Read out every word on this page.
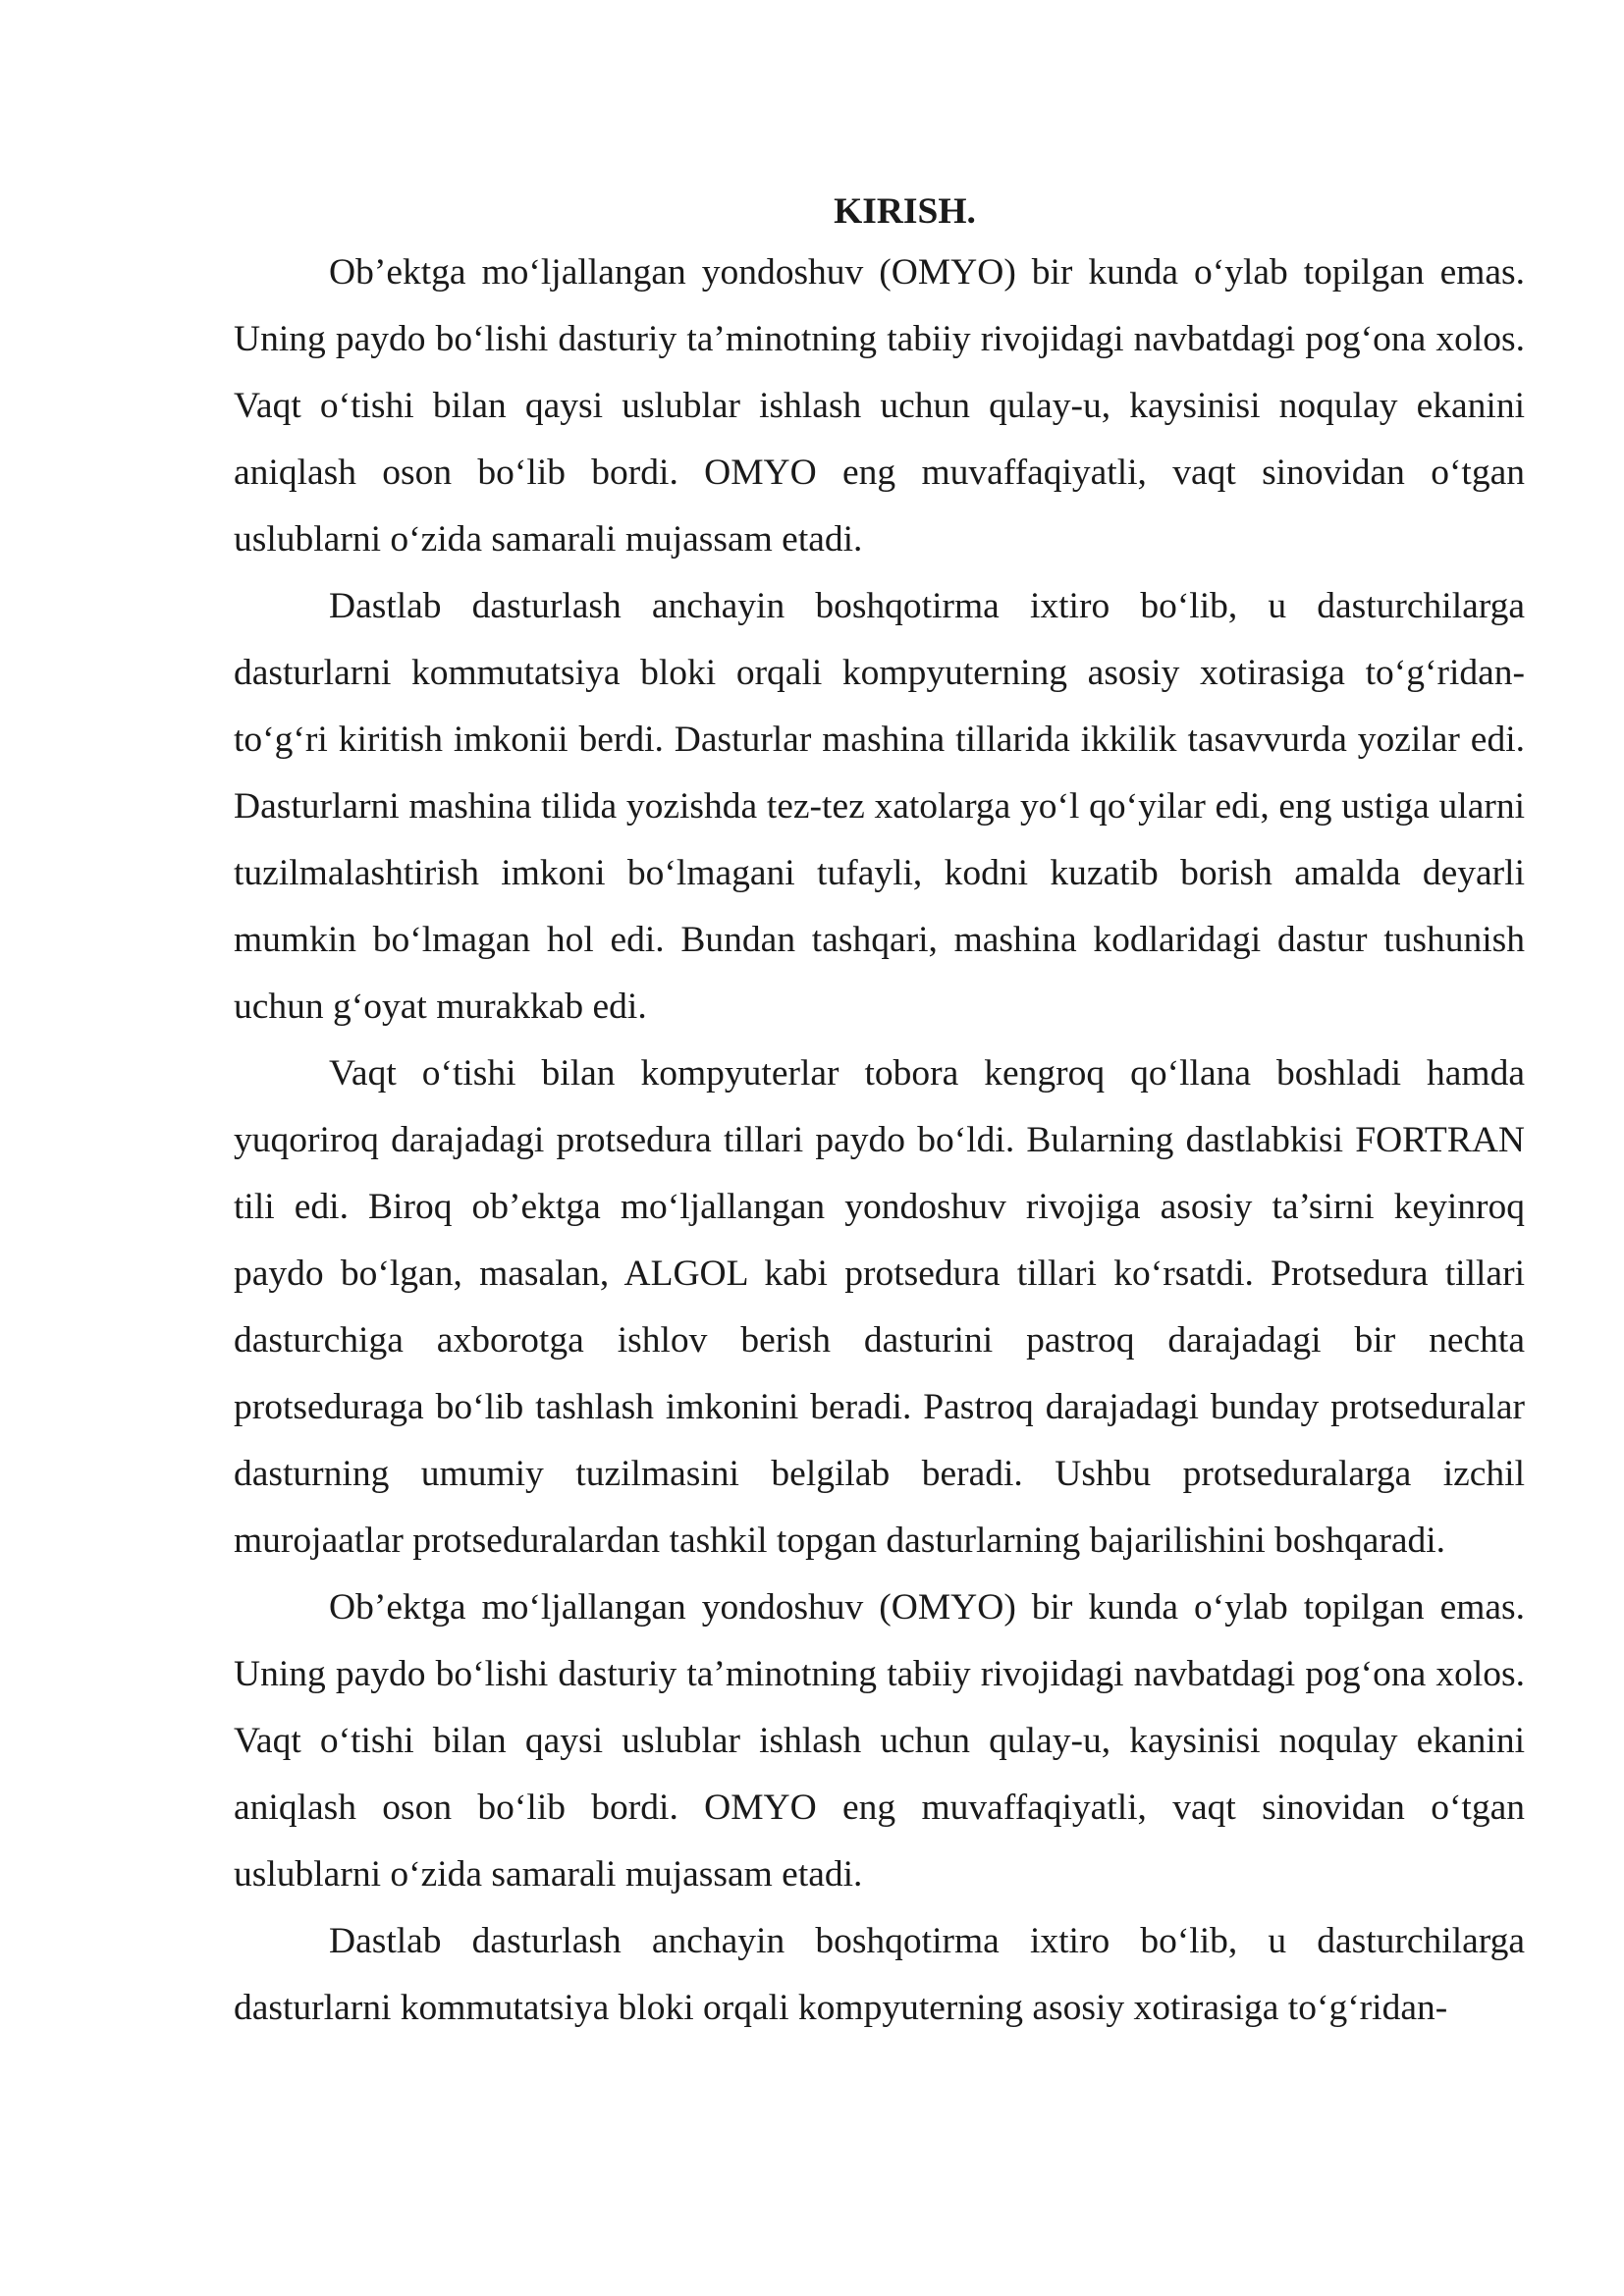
KIRISH.

Ob’ektga mo‘ljallangan yondoshuv (OMYO) bir kunda o‘ylab topilgan emas. Uning paydo bo‘lishi dasturiy ta’minotning tabiiy rivojidagi navbatdagi pog‘ona xolos. Vaqt o‘tishi bilan qaysi uslublar ishlash uchun qulay-u, kaysinisi noqulay ekanini aniqlash oson bo‘lib bordi. OMYO eng muvaffaqiyatli, vaqt sinovidan o‘tgan uslublarni o‘zida samarali mujassam etadi.

Dastlab dasturlash anchayin boshqotirma ixtiro bo‘lib, u dasturchilarga dasturlarni kommutatsiya bloki orqali kompyuterning asosiy xotirasiga to‘g‘ridan-to‘g‘ri kiritish imkonii berdi. Dasturlar mashina tillarida ikkilik tasavvurda yozilar edi. Dasturlarni mashina tilida yozishda tez-tez xatolarga yo‘l qo‘yilar edi, eng ustiga ularni tuzilmalashtirish imkoni bo‘lmagani tufayli, kodni kuzatib borish amalda deyarli mumkin bo‘lmagan hol edi. Bundan tashqari, mashina kodlaridagi dastur tushunish uchun g‘oyat murakkab edi.

Vaqt o‘tishi bilan kompyuterlar tobora kengroq qo‘llana boshladi hamda yuqoriroq darajadagi protsedura tillari paydo bo‘ldi. Bularning dastlabkisi FORTRAN tili edi. Biroq ob’ektga mo‘ljallangan yondoshuv rivojiga asosiy ta’sirni keyinroq paydo bo‘lgan, masalan, ALGOL kabi protsedura tillari ko‘rsatdi. Protsedura tillari dasturchiga axborotga ishlov berish dasturini pastroq darajadagi bir nechta protseduraga bo‘lib tashlash imkonini beradi. Pastroq darajadagi bunday protseduralar dasturning umumiy tuzilmasini belgilab beradi. Ushbu protseduralarga izchil murojaatlar protseduralardan tashkil topgan dasturlarning bajarilishini boshqaradi.

Ob’ektga mo‘ljallangan yondoshuv (OMYO) bir kunda o‘ylab topilgan emas. Uning paydo bo‘lishi dasturiy ta’minotning tabiiy rivojidagi navbatdagi pog‘ona xolos. Vaqt o‘tishi bilan qaysi uslublar ishlash uchun qulay-u, kaysinisi noqulay ekanini aniqlash oson bo‘lib bordi. OMYO eng muvaffaqiyatli, vaqt sinovidan o‘tgan uslublarni o‘zida samarali mujassam etadi.

Dastlab dasturlash anchayin boshqotirma ixtiro bo‘lib, u dasturchilarga dasturlarni kommutatsiya bloki orqali kompyuterning asosiy xotirasiga to‘g‘ridan-
